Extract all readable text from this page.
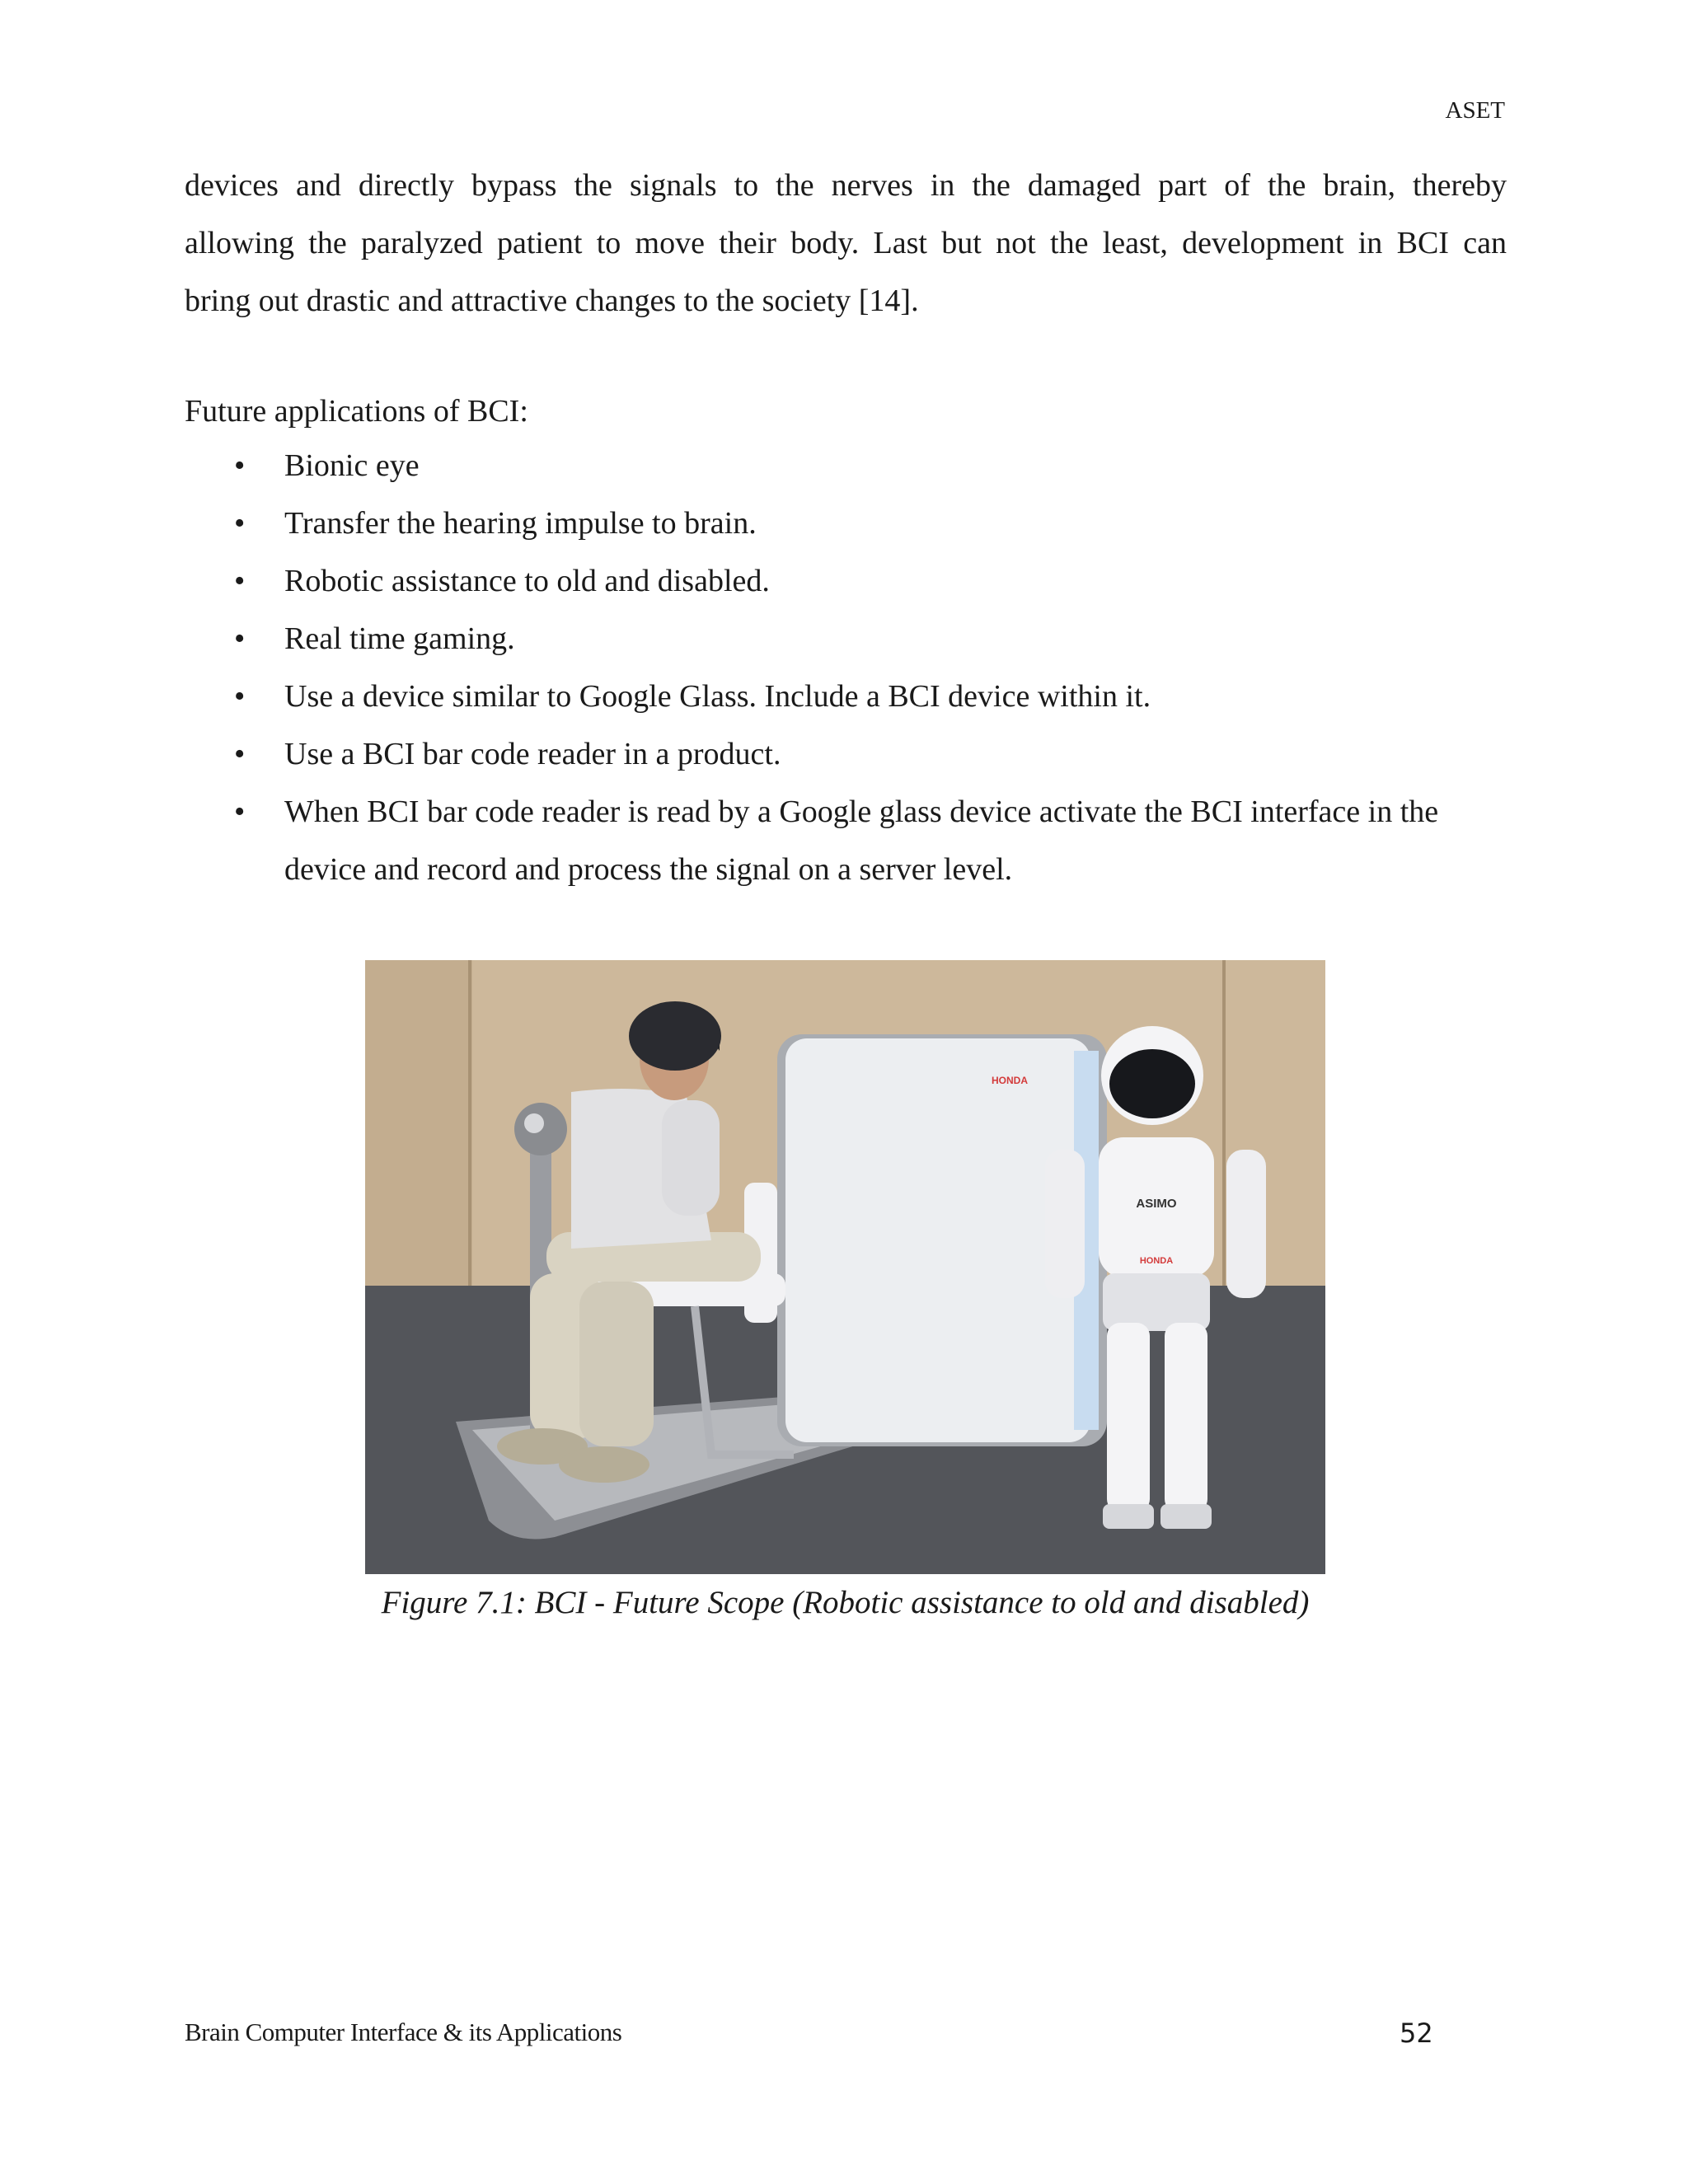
ASET
devices and directly bypass the signals to the nerves in the damaged part of the brain, thereby
allowing the paralyzed patient to move their body. Last but not the least, development in BCI can
bring out drastic and attractive changes to the society [14].

Future applications of BCI:

• Bionic eye
• Transfer the hearing impulse to brain.
• Robotic assistance to old and disabled.
• Real time gaming.
• Use a device similar to Google Glass. Include a BCI device within it.
• Use a BCI bar code reader in a product.
• When BCI bar code reader is read by a Google glass device activate the BCI interface in the device and record and process the signal on a server level.
HONDA
ASIMO
HONDA
Figure 7.1: BCI - Future Scope (Robotic assistance to old and disabled)
Brain Computer Interface & its Applications	52
